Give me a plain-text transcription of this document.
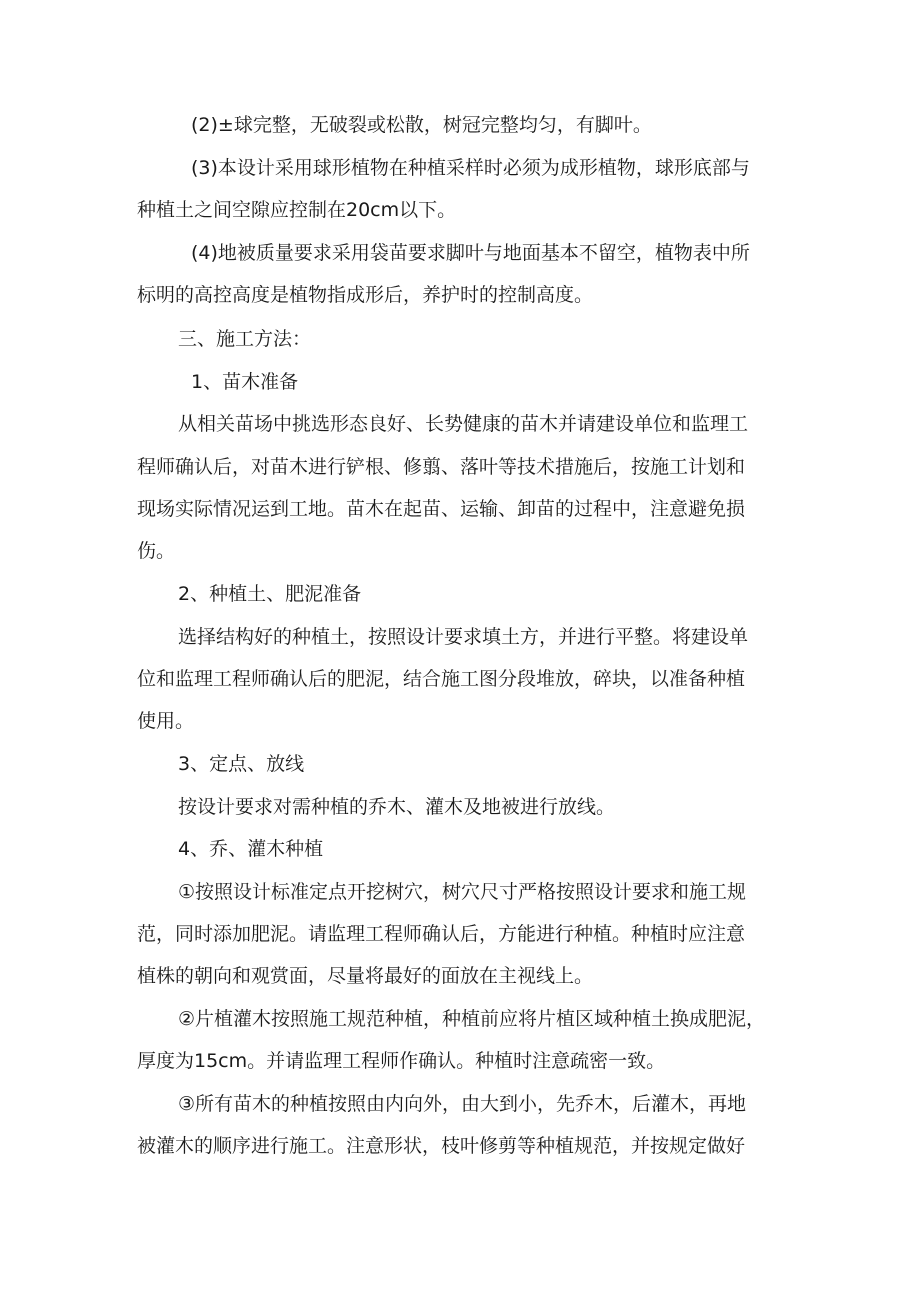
(2)±球完整，无破裂或松散，树冠完整均匀，有脚叶。
(3)本设计采用球形植物在种植采样时必须为成形植物，球形底部与
种植土之间空隙应控制在20cm以下。
(4)地被质量要求采用袋苗要求脚叶与地面基本不留空，植物表中所
标明的高控高度是植物指成形后，养护时的控制高度。
三、施工方法：
1、苗木准备
从相关苗场中挑选形态良好、长势健康的苗木并请建设单位和监理工
程师确认后，对苗木进行铲根、修翦、落叶等技术措施后，按施工计划和
现场实际情况运到工地。苗木在起苗、运输、卸苗的过程中，注意避免损
伤。
2、种植土、肥泥准备
选择结构好的种植土，按照设计要求填土方，并进行平整。将建设单
位和监理工程师确认后的肥泥，结合施工图分段堆放，碎块，以准备种植
使用。
3、定点、放线
按设计要求对需种植的乔木、灌木及地被进行放线。
4、乔、灌木种植
①按照设计标准定点开挖树穴，树穴尺寸严格按照设计要求和施工规
范，同时添加肥泥。请监理工程师确认后，方能进行种植。种植时应注意
植株的朝向和观赏面，尽量将最好的面放在主视线上。
②片植灌木按照施工规范种植，种植前应将片植区域种植土换成肥泥，
厚度为15cm。并请监理工程师作确认。种植时注意疏密一致。
③所有苗木的种植按照由内向外，由大到小，先乔木，后灌木，再地
被灌木的顺序进行施工。注意形状，枝叶修剪等种植规范，并按规定做好
